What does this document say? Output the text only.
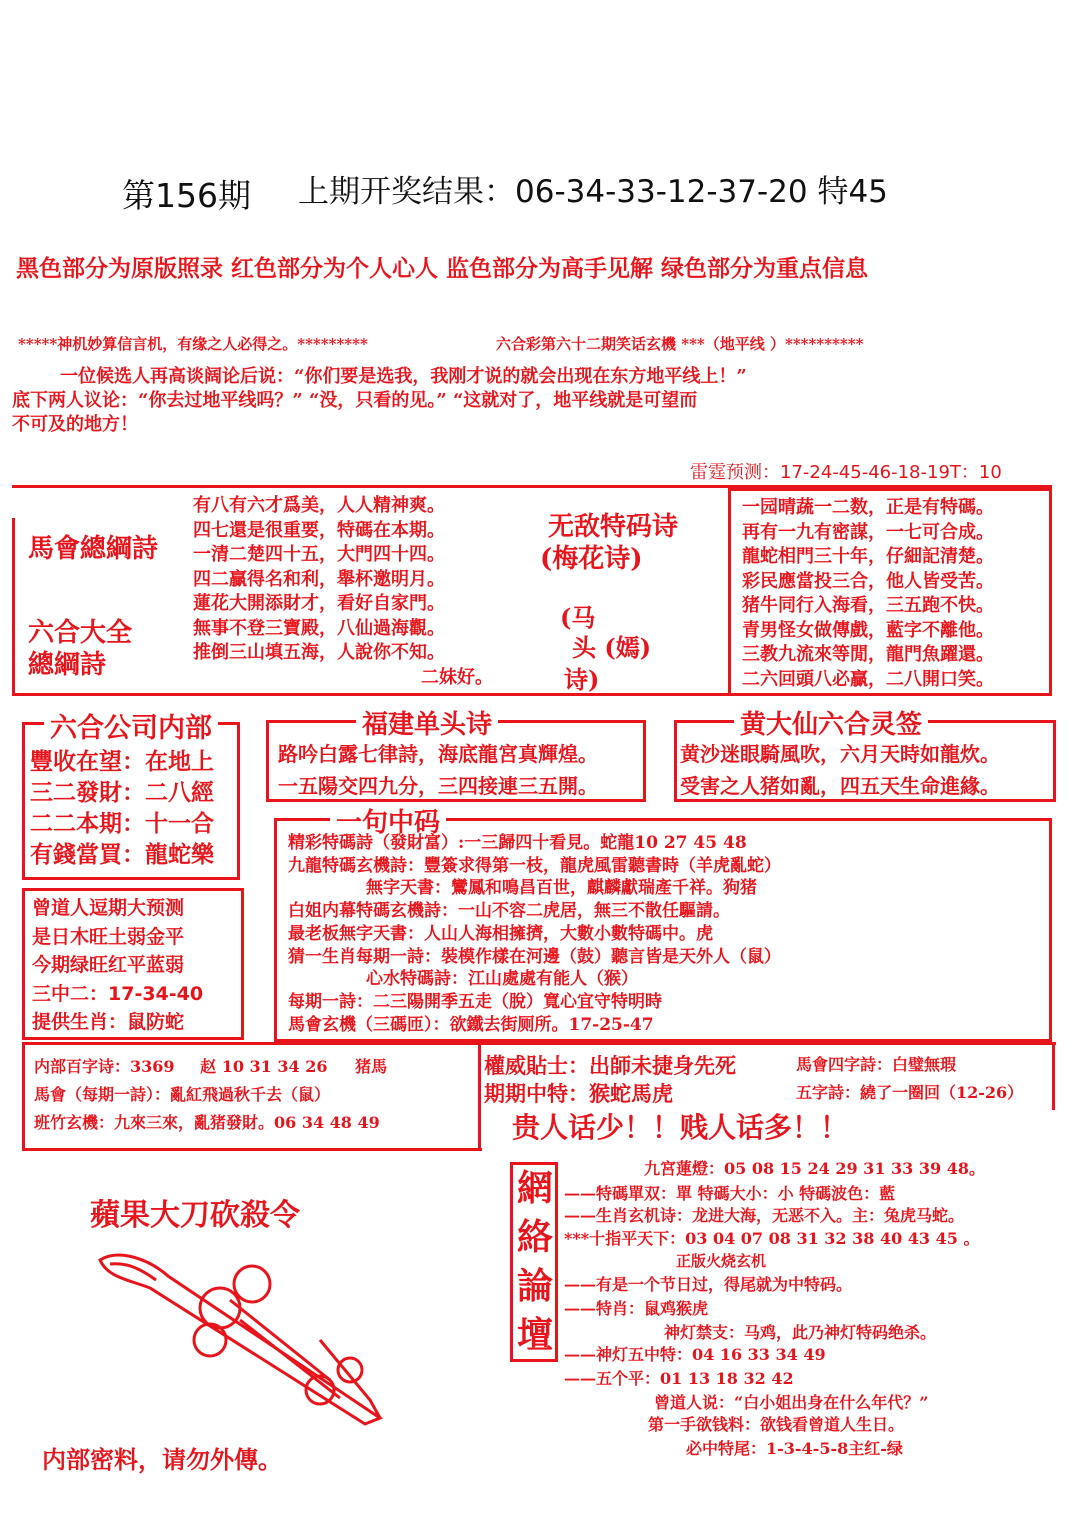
第156期 上期开奖结果：06-34-33-12-37-20 特45
黑色部分为原版照录 红色部分为个人心人 监色部分为高手见解 绿色部分为重点信息
*****神机妙算信言机，有缘之人必得之。*********	六合彩第六十二期笑话玄機 ***（地平线 ）**********
一位候选人再高谈阔论后说：“你们要是选我，我刚才说的就会出现在东方地平线上！”
底下两人议论：“你去过地平线吗？” “没，只看的见。” “这就对了，地平线就是可望而
不可及的地方！
雷霆预测：17-24-45-46-18-19T：10
馬會總綱詩
六合大全
總綱詩
有八有六才爲美，人人精神爽。
四七還是很重要，特碼在本期。
一清二楚四十五，大門四十四。
四二贏得名和利，舉杯邀明月。
蓮花大開添財才，看好自家門。
無事不登三寶殿，八仙過海觀。
推倒三山填五海，人說你不知。
二妹好。
无敌特码诗
(梅花诗)
(马
头 (嫣)
诗)
一园晴蔬一二数，正是有特碼。
再有一九有密謀，一七可合成。
龍蛇相門三十年，仔細記清楚。
彩民應當投三合，他人皆受苦。
猪牛同行入海看，三五跑不快。
青男怪女做傳戲，藍字不離他。
三教九流來等閒，龍門魚躍還。
二六回頭八必贏，二八開口笑。
六合公司内部
豐收在望：在地上
三二發財：二八經
二二本期：十一合
有錢當買：龍蛇樂
福建单头诗
路吟白露七律詩，海底龍宮真輝煌。
一五陽交四九分，三四接連三五開。
黄大仙六合灵签
黄沙迷眼騎風吹，六月天時如龍炊。
受害之人猪如亂，四五天生命進緣。
曾道人逗期大预测
是日木旺土弱金平
今期绿旺红平蓝弱
三中二：17-34-40
提供生肖：鼠防蛇
一句中码
精彩特碼詩（發財富）:一三歸四十看見。蛇龍10 27 45 48
九龍特碼玄機詩：豐簽求得第一枝，龍虎風雷聽書時（羊虎亂蛇）
無字天書：鸞鳳和鳴昌百世，麒麟獻瑞產千祥。狗猪
白姐内幕特碼玄機詩：一山不容二虎居，無三不散任驅請。
最老板無字天書：人山人海相擁擠，大數小數特碼中。虎
猜一生肖每期一詩：裝模作樣在河邊（鼓）聽言皆是天外人（鼠）
心水特碼詩：江山處處有能人（猴）
每期一詩：二三陽開季五走（脫）寬心宜守特明時
馬會玄機（三碼匝）：欲鐵去街厕所。17-25-47
内部百字诗：3369 赵 10 31 34 26 猪馬
馬會（每期一詩）：亂紅飛過秋千去（鼠）
班竹玄機：九來三來，亂猪發財。06 34 48 49
權威貼士：出師未捷身先死
期期中特：猴蛇馬虎
馬會四字詩：白璧無瑕
五字詩：繞了一圈回（12-26）
贵人话少！！贱人话多！！
蘋果大刀砍殺令
内部密料，请勿外傳。
網
絡
論
壇
九宮蓮燈：05 08 15 24 29 31 33 39 48。
——特碼單双：單 特碼大小：小 特碼波色：藍
——生肖玄机诗：龙进大海，无恶不入。主：兔虎马蛇。
***十指平天下：03 04 07 08 31 32 38 40 43 45 。
正版火烧玄机
——有是一个节日过，得尾就为中特码。
——特肖：鼠鸡猴虎
神灯禁支：马鸡，此乃神灯特码绝杀。
——神灯五中特：04 16 33 34 49
——五个平：01 13 18 32 42
曾道人说：“白小姐出身在什么年代？”
第一手欲钱料：欲钱看曾道人生日。
必中特尾：1-3-4-5-8主红-绿
